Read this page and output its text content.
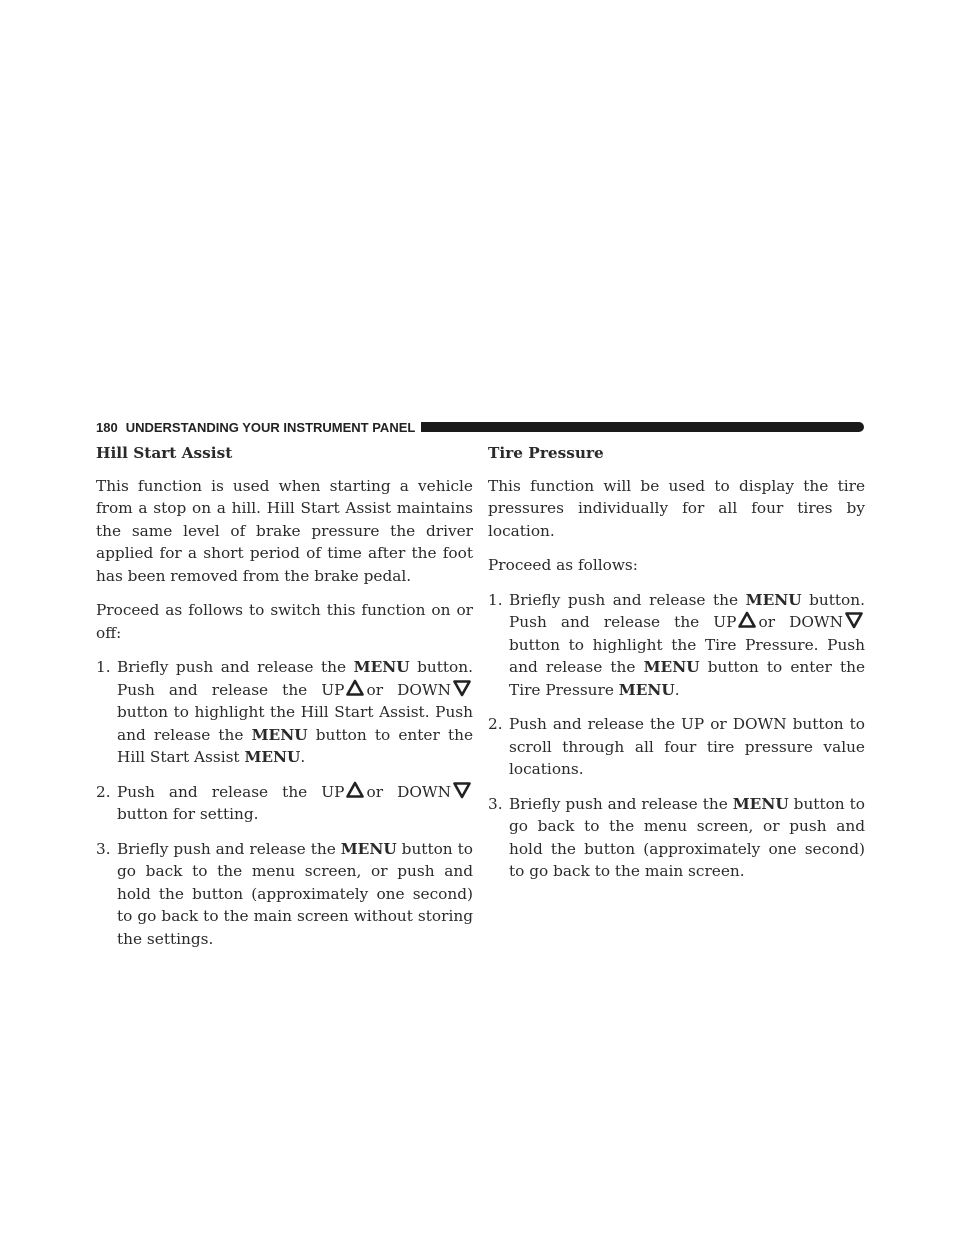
180 UNDERSTANDING YOUR INSTRUMENT PANEL
Hill Start Assist

This function is used when starting a vehicle from a stop on a hill. Hill Start Assist maintains the same level of brake pressure the driver applied for a short period of time after the foot has been removed from the brake pedal.

Proceed as follows to switch this function on or off:

1. Briefly push and release the MENU button. Push and release the UP or DOWNbutton to highlight the Hill Start Assist. Push and release the MENU button to enter the Hill Start Assist MENU.
2. Push and release the UP or DOWNbutton for setting.
3. Briefly push and release the MENU button to go back to the menu screen, or push and hold the button (approximately one second) to go back to the main screen without storing the settings.
Tire Pressure

This function will be used to display the tire pressures individually for all four tires by location.

Proceed as follows:

1. Briefly push and release the MENU button. Push and release the UP or DOWNbutton to highlight the Tire Pressure. Push and release the MENU button to enter the Tire Pressure MENU.
2. Push and release the UP or DOWN button to scroll through all four tire pressure value locations.
3. Briefly push and release the MENU button to go back to the menu screen, or push and hold the button (approximately one second) to go back to the main screen.
